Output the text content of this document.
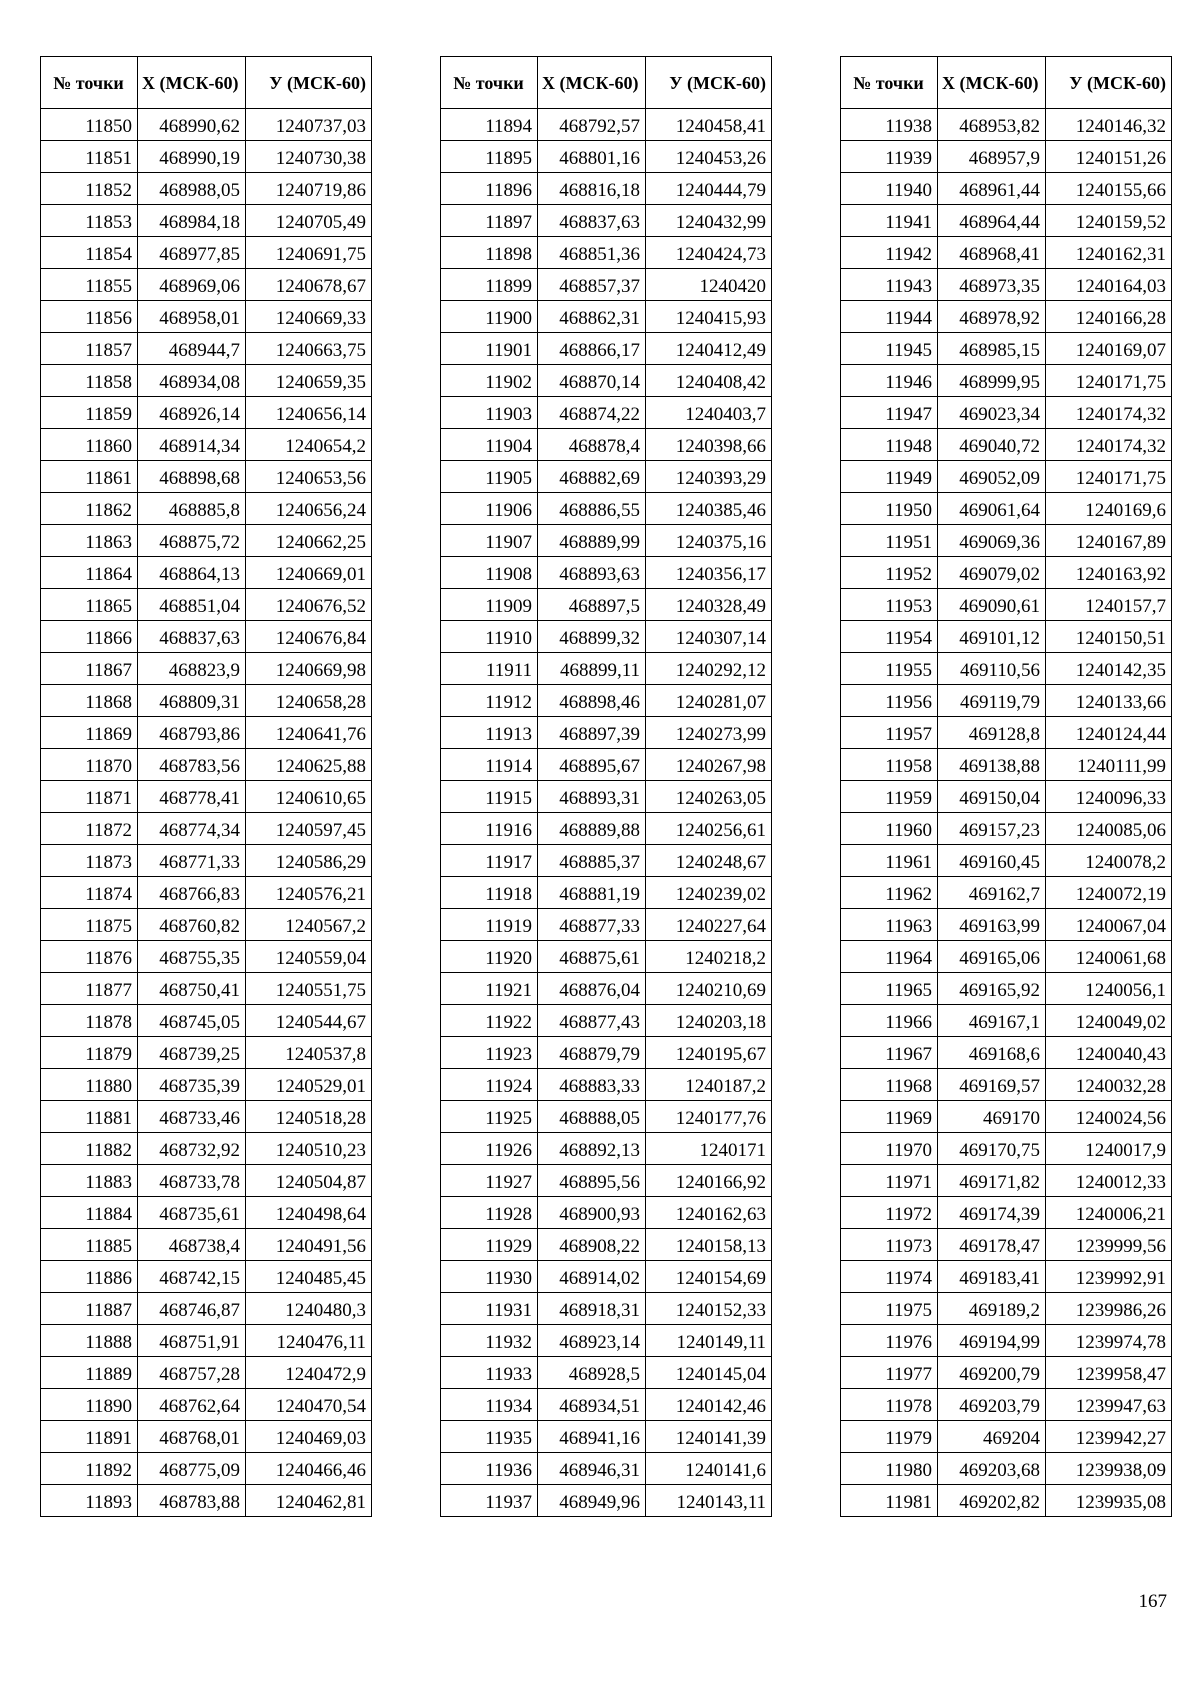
№ точки	X (МСК-60)	У (МСК-60)
11850	468990,62	1240737,03
11851	468990,19	1240730,38
11852	468988,05	1240719,86
11853	468984,18	1240705,49
11854	468977,85	1240691,75
11855	468969,06	1240678,67
11856	468958,01	1240669,33
11857	468944,7	1240663,75
11858	468934,08	1240659,35
11859	468926,14	1240656,14
11860	468914,34	1240654,2
11861	468898,68	1240653,56
11862	468885,8	1240656,24
11863	468875,72	1240662,25
11864	468864,13	1240669,01
11865	468851,04	1240676,52
11866	468837,63	1240676,84
11867	468823,9	1240669,98
11868	468809,31	1240658,28
11869	468793,86	1240641,76
11870	468783,56	1240625,88
11871	468778,41	1240610,65
11872	468774,34	1240597,45
11873	468771,33	1240586,29
11874	468766,83	1240576,21
11875	468760,82	1240567,2
11876	468755,35	1240559,04
11877	468750,41	1240551,75
11878	468745,05	1240544,67
11879	468739,25	1240537,8
11880	468735,39	1240529,01
11881	468733,46	1240518,28
11882	468732,92	1240510,23
11883	468733,78	1240504,87
11884	468735,61	1240498,64
11885	468738,4	1240491,56
11886	468742,15	1240485,45
11887	468746,87	1240480,3
11888	468751,91	1240476,11
11889	468757,28	1240472,9
11890	468762,64	1240470,54
11891	468768,01	1240469,03
11892	468775,09	1240466,46
11893	468783,88	1240462,81
№ точки	X (МСК-60)	У (МСК-60)
11894	468792,57	1240458,41
11895	468801,16	1240453,26
11896	468816,18	1240444,79
11897	468837,63	1240432,99
11898	468851,36	1240424,73
11899	468857,37	1240420
11900	468862,31	1240415,93
11901	468866,17	1240412,49
11902	468870,14	1240408,42
11903	468874,22	1240403,7
11904	468878,4	1240398,66
11905	468882,69	1240393,29
11906	468886,55	1240385,46
11907	468889,99	1240375,16
11908	468893,63	1240356,17
11909	468897,5	1240328,49
11910	468899,32	1240307,14
11911	468899,11	1240292,12
11912	468898,46	1240281,07
11913	468897,39	1240273,99
11914	468895,67	1240267,98
11915	468893,31	1240263,05
11916	468889,88	1240256,61
11917	468885,37	1240248,67
11918	468881,19	1240239,02
11919	468877,33	1240227,64
11920	468875,61	1240218,2
11921	468876,04	1240210,69
11922	468877,43	1240203,18
11923	468879,79	1240195,67
11924	468883,33	1240187,2
11925	468888,05	1240177,76
11926	468892,13	1240171
11927	468895,56	1240166,92
11928	468900,93	1240162,63
11929	468908,22	1240158,13
11930	468914,02	1240154,69
11931	468918,31	1240152,33
11932	468923,14	1240149,11
11933	468928,5	1240145,04
11934	468934,51	1240142,46
11935	468941,16	1240141,39
11936	468946,31	1240141,6
11937	468949,96	1240143,11
№ точки	X (МСК-60)	У (МСК-60)
11938	468953,82	1240146,32
11939	468957,9	1240151,26
11940	468961,44	1240155,66
11941	468964,44	1240159,52
11942	468968,41	1240162,31
11943	468973,35	1240164,03
11944	468978,92	1240166,28
11945	468985,15	1240169,07
11946	468999,95	1240171,75
11947	469023,34	1240174,32
11948	469040,72	1240174,32
11949	469052,09	1240171,75
11950	469061,64	1240169,6
11951	469069,36	1240167,89
11952	469079,02	1240163,92
11953	469090,61	1240157,7
11954	469101,12	1240150,51
11955	469110,56	1240142,35
11956	469119,79	1240133,66
11957	469128,8	1240124,44
11958	469138,88	1240111,99
11959	469150,04	1240096,33
11960	469157,23	1240085,06
11961	469160,45	1240078,2
11962	469162,7	1240072,19
11963	469163,99	1240067,04
11964	469165,06	1240061,68
11965	469165,92	1240056,1
11966	469167,1	1240049,02
11967	469168,6	1240040,43
11968	469169,57	1240032,28
11969	469170	1240024,56
11970	469170,75	1240017,9
11971	469171,82	1240012,33
11972	469174,39	1240006,21
11973	469178,47	1239999,56
11974	469183,41	1239992,91
11975	469189,2	1239986,26
11976	469194,99	1239974,78
11977	469200,79	1239958,47
11978	469203,79	1239947,63
11979	469204	1239942,27
11980	469203,68	1239938,09
11981	469202,82	1239935,08
167
